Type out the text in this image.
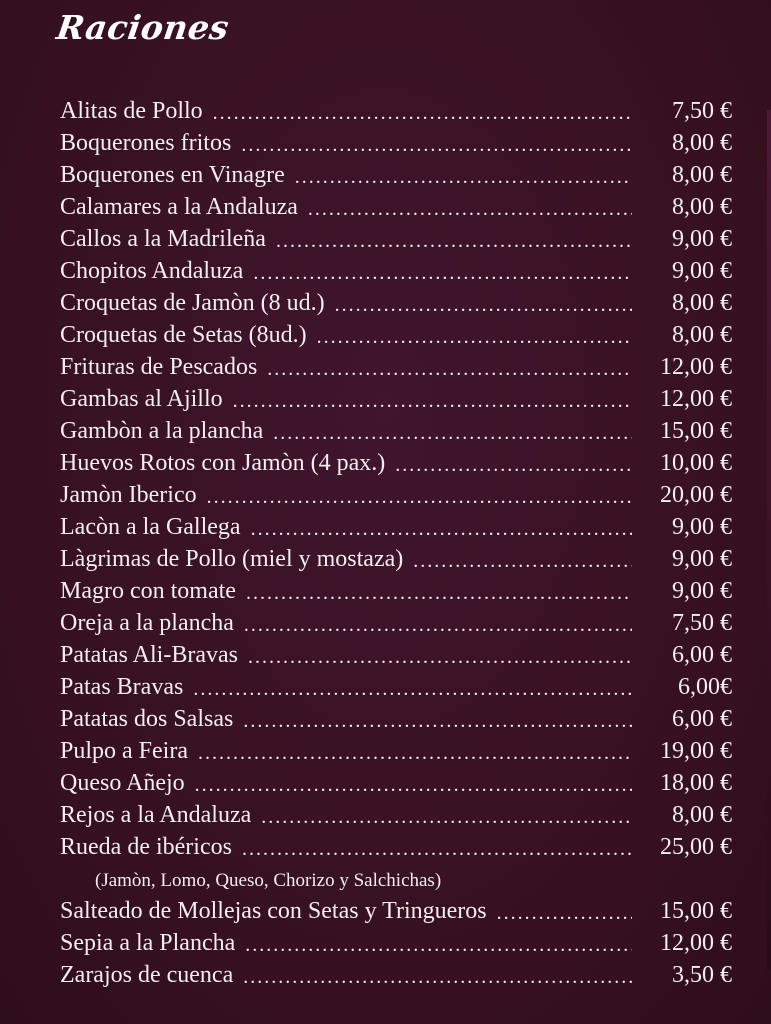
Raciones
Alitas de Pollo .....	7,50 €
Boquerones fritos .....	8,00 €
Boquerones en Vinagre .....	8,00 €
Calamares a la Andaluza .....	8,00 €
Callos a la Madrileña .....	9,00 €
Chopitos Andaluza .....	9,00 €
Croquetas de Jamòn (8 ud.) .....	8,00 €
Croquetas de Setas (8ud.) .....	8,00 €
Frituras de Pescados .....	12,00 €
Gambas al Ajillo .....	12,00 €
Gambòn a la plancha .....	15,00 €
Huevos Rotos con Jamòn (4 pax.) .....	10,00 €
Jamòn Iberico .....	20,00 €
Lacòn a la Gallega .....	9,00 €
Làgrimas de Pollo (miel y mostaza) .....	9,00 €
Magro con tomate .....	9,00 €
Oreja a la plancha .....	7,50 €
Patatas Ali-Bravas .....	6,00 €
Patas Bravas .....	6,00€
Patatas dos Salsas .....	6,00 €
Pulpo a Feira .....	19,00 €
Queso Añejo .....	18,00 €
Rejos a la Andaluza .....	8,00 €
Rueda de ibéricos .....	25,00 €
(Jamòn, Lomo, Queso, Chorizo y Salchichas)
Salteado de Mollejas con Setas y Tringueros .....	15,00 €
Sepia a la Plancha .....	12,00 €
Zarajos de cuenca .....	3,50 €
